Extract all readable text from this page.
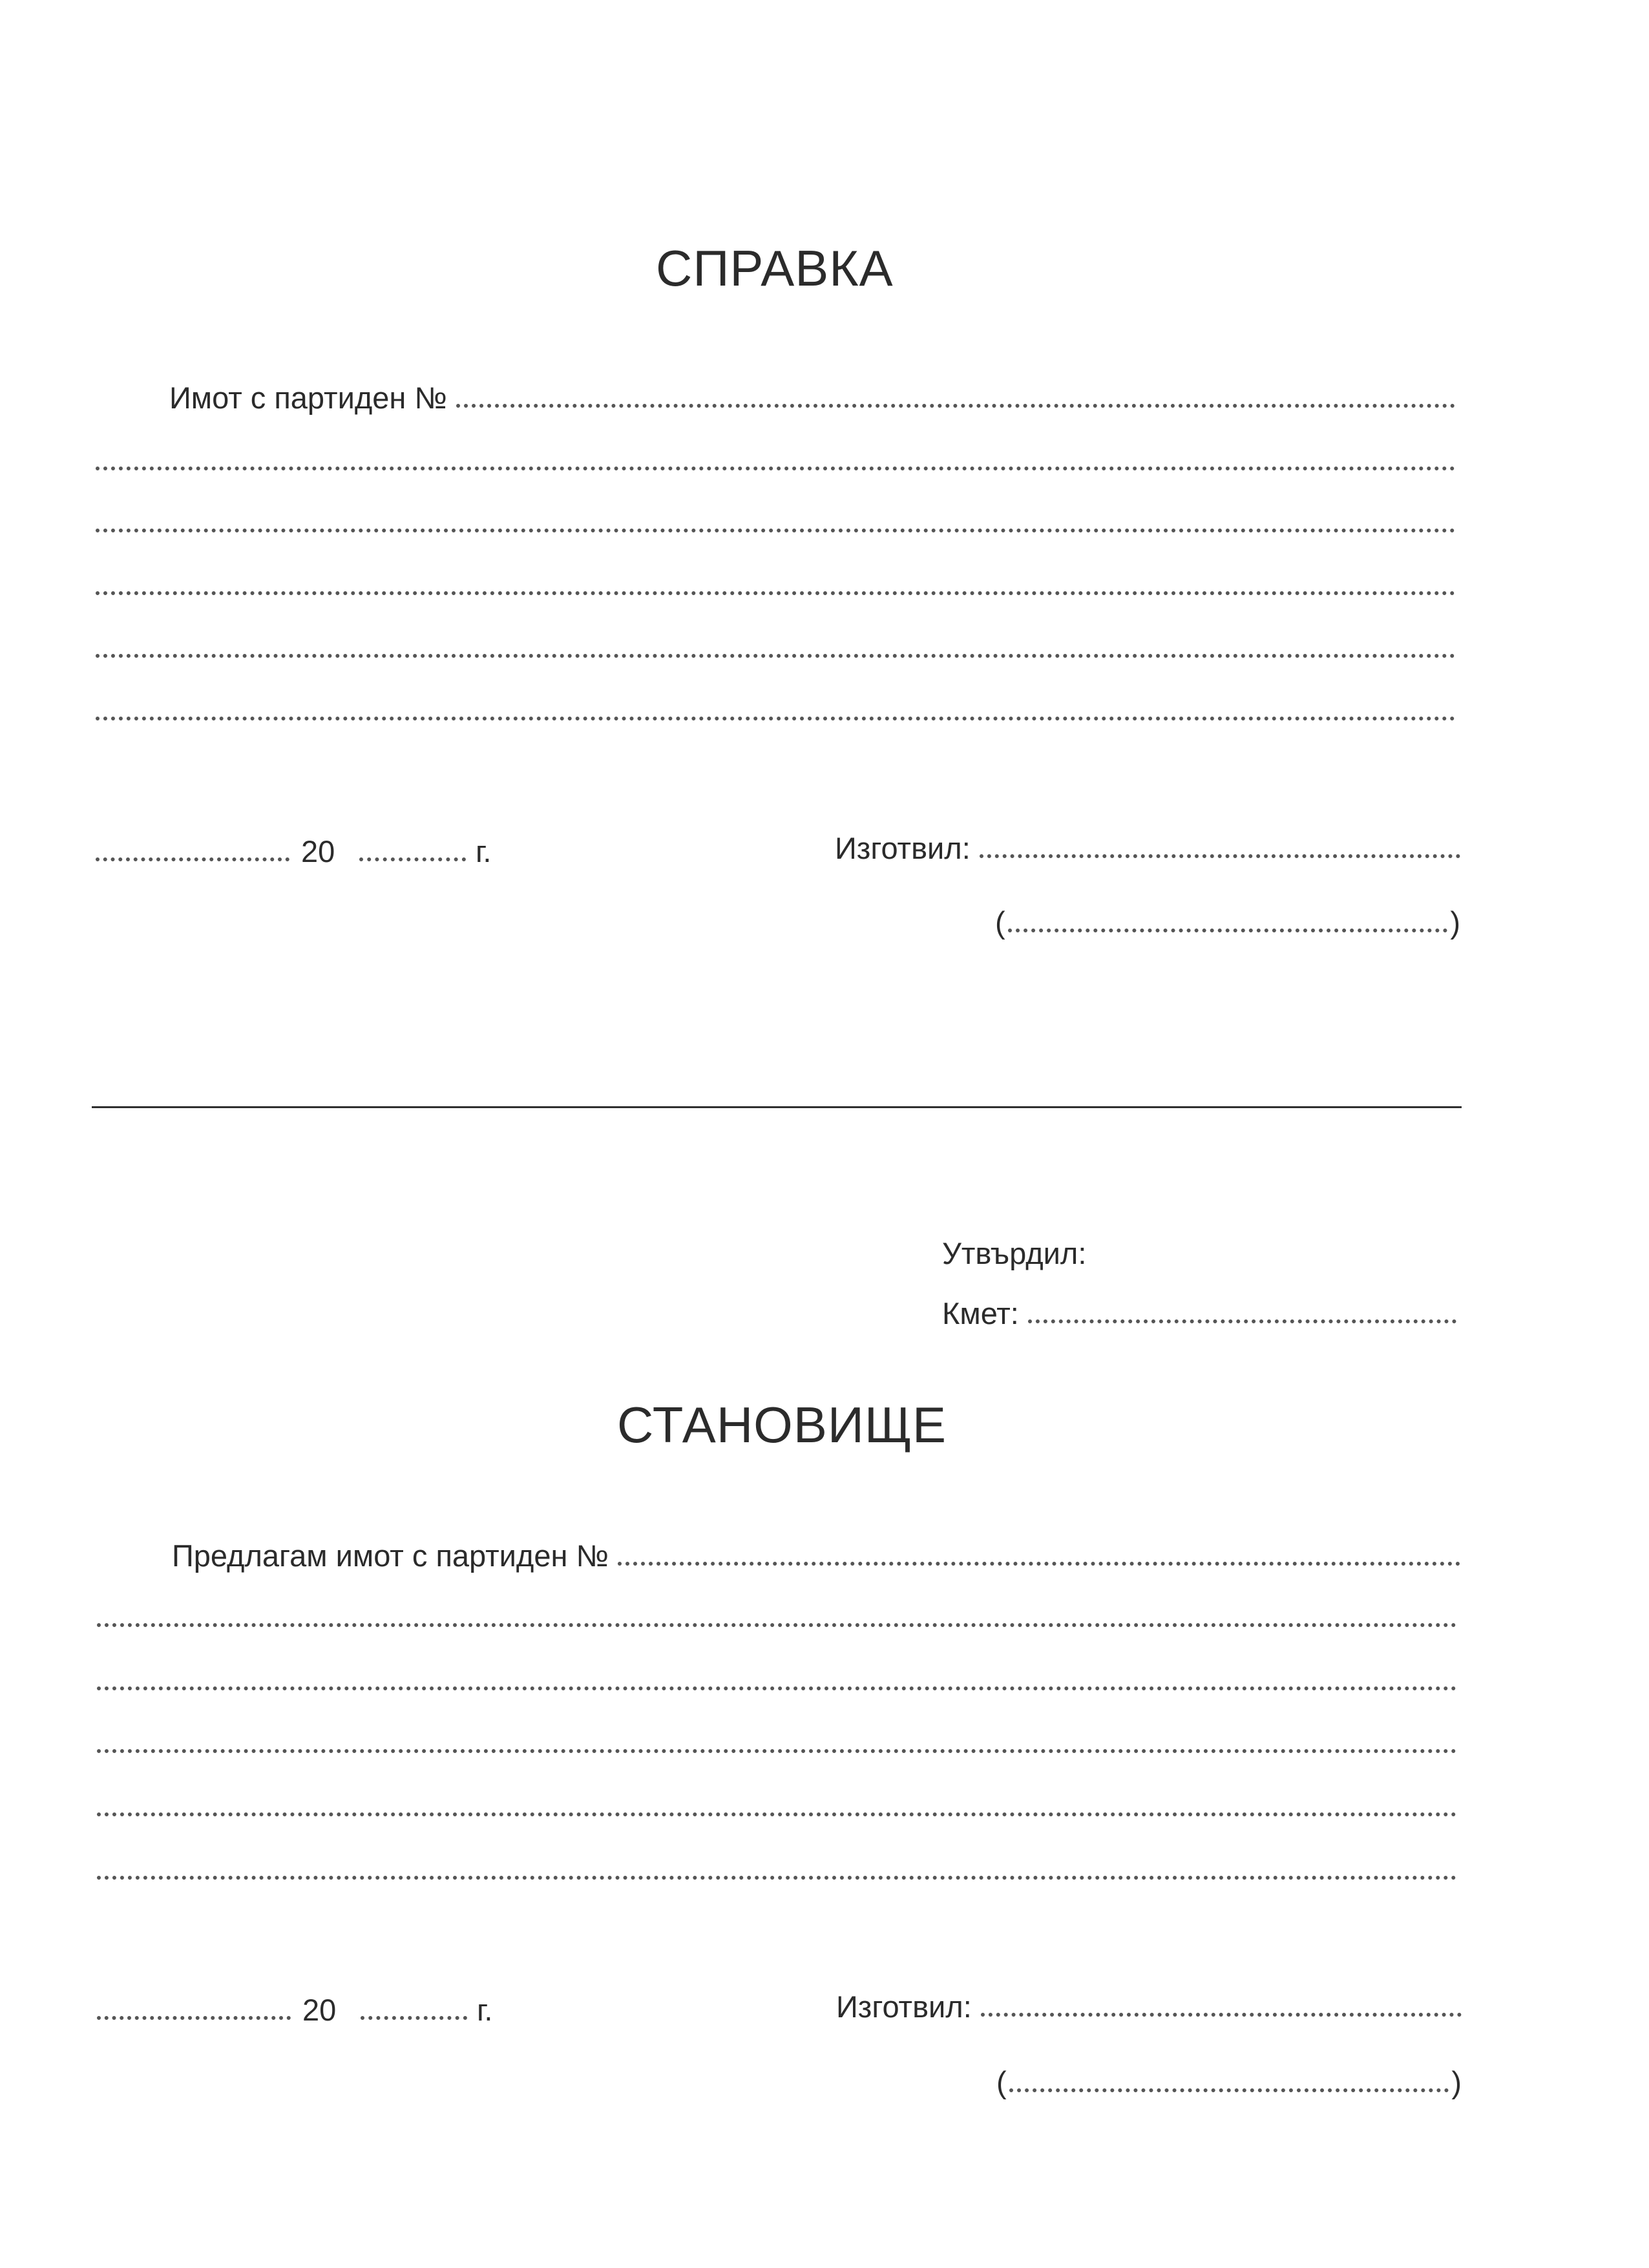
СПРАВКА
Имот с партиден №
20	г.	Изготвил:
(	)
Утвърдил:
Кмет:
СТАНОВИЩЕ
Предлагам имот с партиден №
20	г.	Изготвил:
(	)
